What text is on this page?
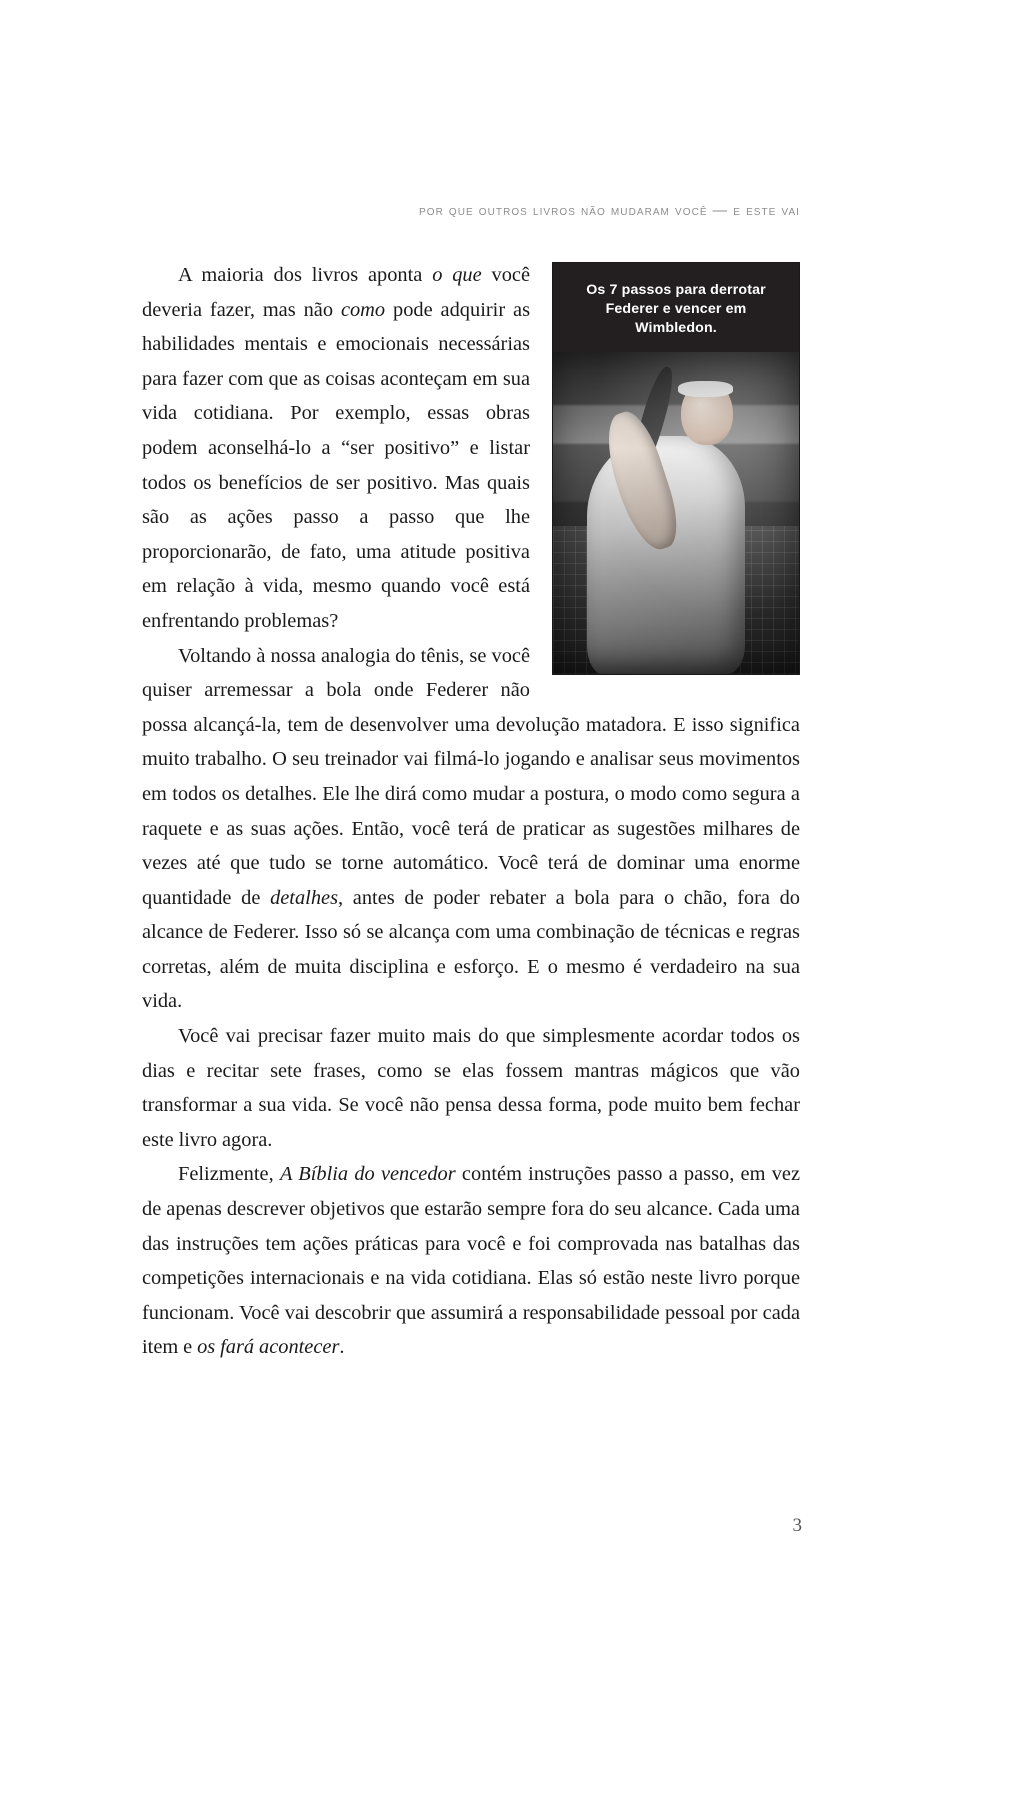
por que outros livros não mudaram você — e este vai
Os 7 passos para derrotar Federer e vencer em Wimbledon.

A maioria dos livros aponta o que você deveria fazer, mas não como pode adquirir as habilidades mentais e emocionais necessárias para fazer com que as coisas aconteçam em sua vida cotidiana. Por exemplo, essas obras podem aconselhá-lo a “ser positivo” e listar todos os benefícios de ser positivo. Mas quais são as ações passo a passo que lhe proporcionarão, de fato, uma atitude positiva em relação à vida, mesmo quando você está enfrentando problemas?

Voltando à nossa analogia do tênis, se você quiser arremessar a bola onde Federer não possa alcançá-la, tem de desenvolver uma devolução matadora. E isso significa muito trabalho. O seu treinador vai filmá-lo jogando e analisar seus movimentos em todos os detalhes. Ele lhe dirá como mudar a postura, o modo como segura a raquete e as suas ações. Então, você terá de praticar as sugestões milhares de vezes até que tudo se torne automático. Você terá de dominar uma enorme quantidade de detalhes, antes de poder rebater a bola para o chão, fora do alcance de Federer. Isso só se alcança com uma combinação de técnicas e regras corretas, além de muita disciplina e esforço. E o mesmo é verdadeiro na sua vida.

Você vai precisar fazer muito mais do que simplesmente acordar todos os dias e recitar sete frases, como se elas fossem mantras mágicos que vão transformar a sua vida. Se você não pensa dessa forma, pode muito bem fechar este livro agora.

Felizmente, A Bíblia do vencedor contém instruções passo a passo, em vez de apenas descrever objetivos que estarão sempre fora do seu alcance. Cada uma das instruções tem ações práticas para você e foi comprovada nas batalhas das competições internacionais e na vida cotidiana. Elas só estão neste livro porque funcionam. Você vai descobrir que assumirá a responsabilidade pessoal por cada item e os fará acontecer.

3
